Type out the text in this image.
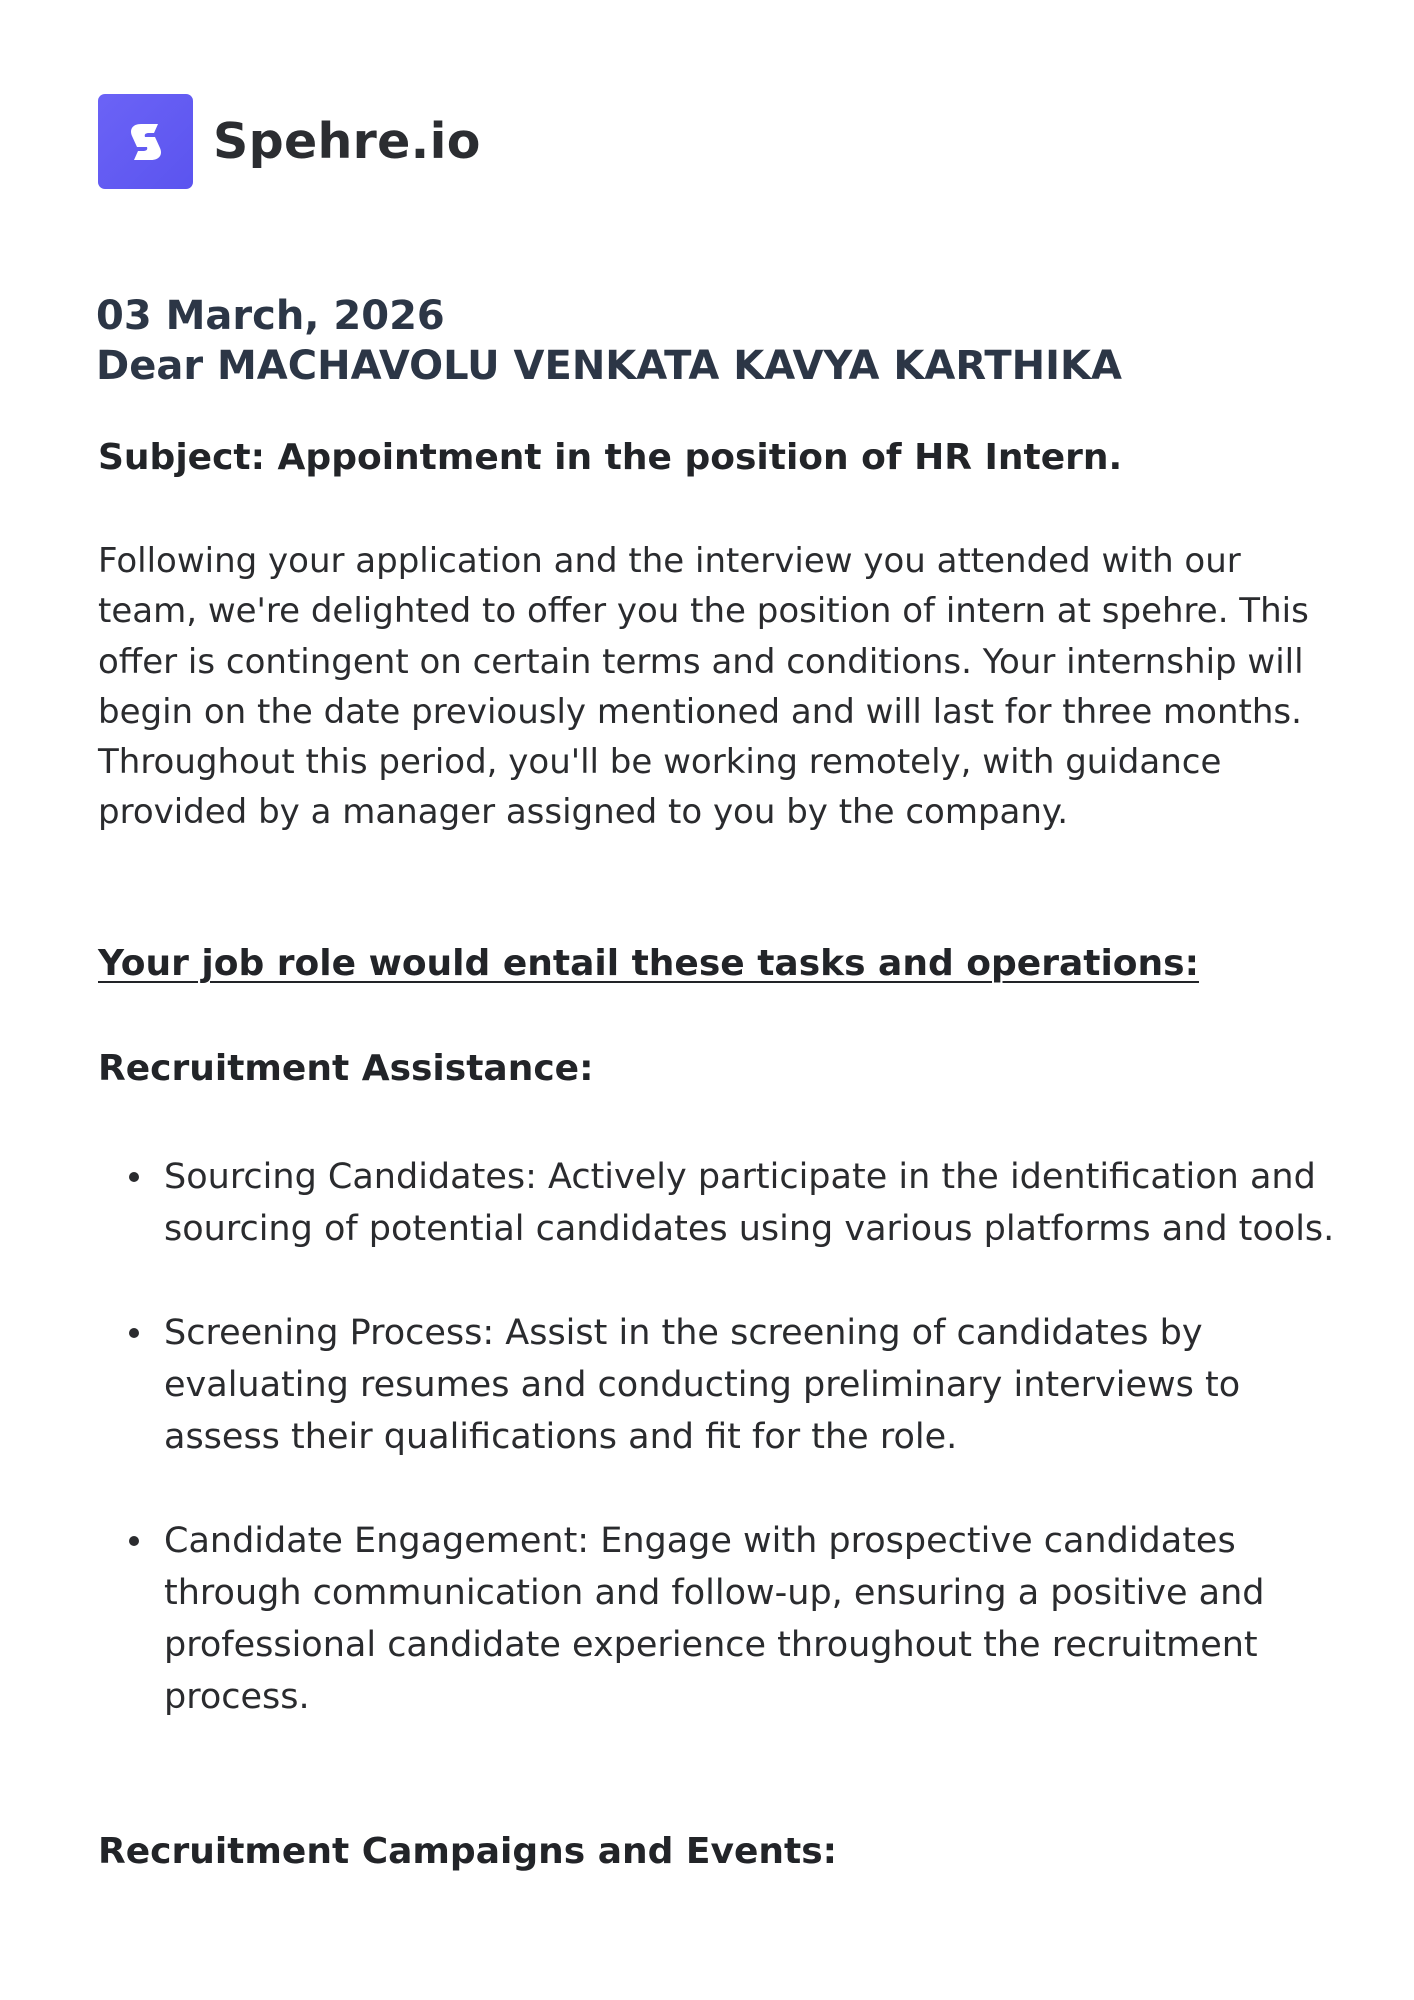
Spehre.io
03 March, 2026
Dear MACHAVOLU VENKATA KAVYA KARTHIKA
Subject: Appointment in the position of HR Intern.

Following your application and the interview you attended with our team, we're delighted to offer you the position of intern at spehre. This offer is contingent on certain terms and conditions. Your internship will begin on the date previously mentioned and will last for three months. Throughout this period, you'll be working remotely, with guidance provided by a manager assigned to you by the company.

Your job role would entail these tasks and operations:
Recruitment Assistance:
Sourcing Candidates: Actively participate in the identification and sourcing of potential candidates using various platforms and tools.
Screening Process: Assist in the screening of candidates by evaluating resumes and conducting preliminary interviews to assess their qualifications and fit for the role.
Candidate Engagement: Engage with prospective candidates through communication and follow-up, ensuring a positive and professional candidate experience throughout the recruitment process.
Recruitment Campaigns and Events:
